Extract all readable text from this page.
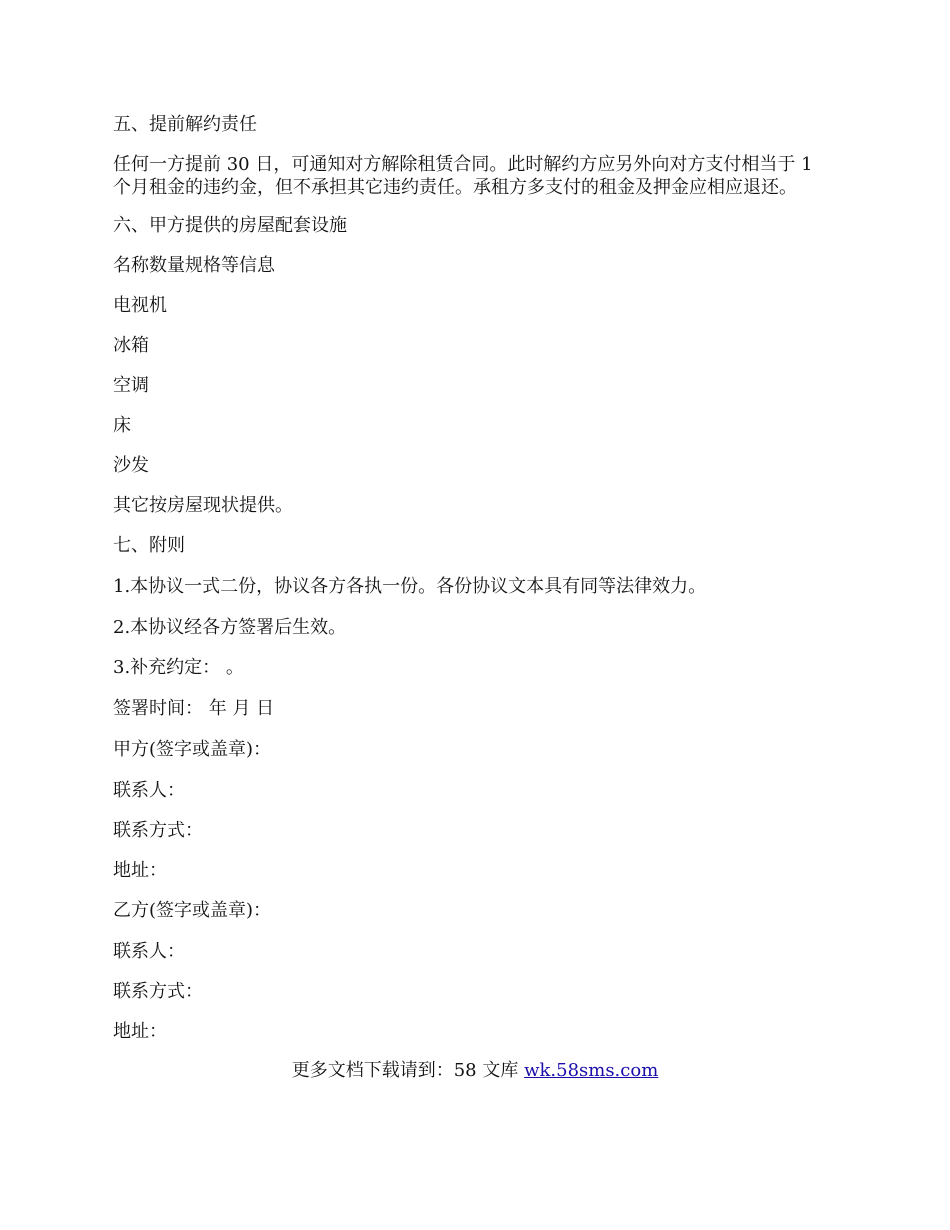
五、提前解约责任
任何一方提前 30 日，可通知对方解除租赁合同。此时解约方应另外向对方支付相当于 1
个月租金的违约金，但不承担其它违约责任。承租方多支付的租金及押金应相应退还。
六、甲方提供的房屋配套设施
名称数量规格等信息
电视机
冰箱
空调
床
沙发
其它按房屋现状提供。
七、附则
1.本协议一式二份，协议各方各执一份。各份协议文本具有同等法律效力。
2.本协议经各方签署后生效。
3.补充约定： 。
签署时间： 年 月 日
甲方(签字或盖章)：
联系人：
联系方式：
地址：
乙方(签字或盖章)：
联系人：
联系方式：
地址：
更多文档下载请到：58 文库 wk.58sms.com
